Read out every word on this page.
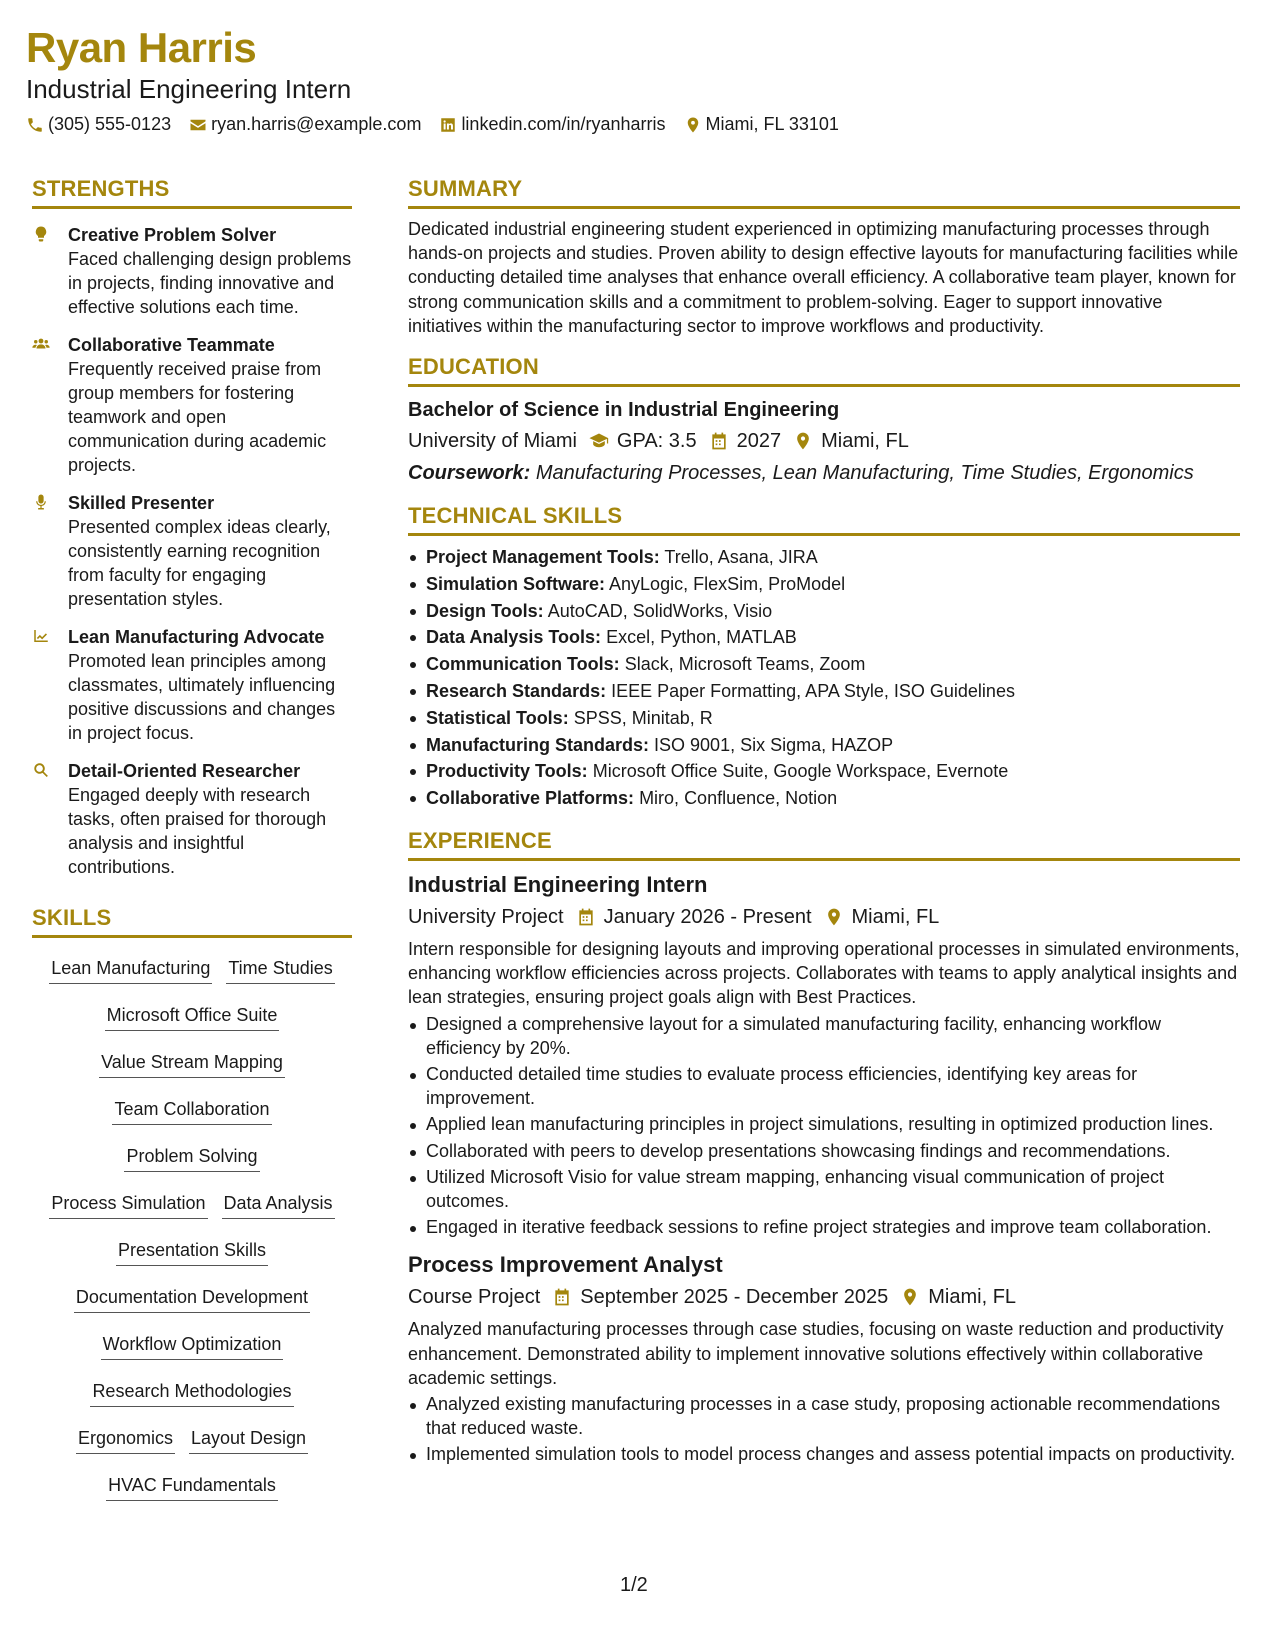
Ryan Harris
Industrial Engineering Intern
(305) 555-0123 ryan.harris@example.com linkedin.com/in/ryanharris Miami, FL 33101
STRENGTHS
Creative Problem Solver
Faced challenging design problems in projects, finding innovative and effective solutions each time.
Collaborative Teammate
Frequently received praise from group members for fostering teamwork and open communication during academic projects.
Skilled Presenter
Presented complex ideas clearly, consistently earning recognition from faculty for engaging presentation styles.
Lean Manufacturing Advocate
Promoted lean principles among classmates, ultimately influencing positive discussions and changes in project focus.
Detail-Oriented Researcher
Engaged deeply with research tasks, often praised for thorough analysis and insightful contributions.
SKILLS
Lean Manufacturing Time Studies
Microsoft Office Suite
Value Stream Mapping
Team Collaboration
Problem Solving
Process Simulation Data Analysis
Presentation Skills
Documentation Development
Workflow Optimization
Research Methodologies
Ergonomics Layout Design
HVAC Fundamentals
SUMMARY
Dedicated industrial engineering student experienced in optimizing manufacturing processes through hands-on projects and studies. Proven ability to design effective layouts for manufacturing facilities while conducting detailed time analyses that enhance overall efficiency. A collaborative team player, known for strong communication skills and a commitment to problem-solving. Eager to support innovative initiatives within the manufacturing sector to improve workflows and productivity.
EDUCATION
Bachelor of Science in Industrial Engineering
University of Miami GPA: 3.5 2027 Miami, FL
Coursework: Manufacturing Processes, Lean Manufacturing, Time Studies, Ergonomics
TECHNICAL SKILLS
Project Management Tools: Trello, Asana, JIRA
Simulation Software: AnyLogic, FlexSim, ProModel
Design Tools: AutoCAD, SolidWorks, Visio
Data Analysis Tools: Excel, Python, MATLAB
Communication Tools: Slack, Microsoft Teams, Zoom
Research Standards: IEEE Paper Formatting, APA Style, ISO Guidelines
Statistical Tools: SPSS, Minitab, R
Manufacturing Standards: ISO 9001, Six Sigma, HAZOP
Productivity Tools: Microsoft Office Suite, Google Workspace, Evernote
Collaborative Platforms: Miro, Confluence, Notion
EXPERIENCE
Industrial Engineering Intern
University Project January 2026 - Present Miami, FL
Intern responsible for designing layouts and improving operational processes in simulated environments, enhancing workflow efficiencies across projects. Collaborates with teams to apply analytical insights and lean strategies, ensuring project goals align with Best Practices.
Designed a comprehensive layout for a simulated manufacturing facility, enhancing workflow efficiency by 20%.
Conducted detailed time studies to evaluate process efficiencies, identifying key areas for improvement.
Applied lean manufacturing principles in project simulations, resulting in optimized production lines.
Collaborated with peers to develop presentations showcasing findings and recommendations.
Utilized Microsoft Visio for value stream mapping, enhancing visual communication of project outcomes.
Engaged in iterative feedback sessions to refine project strategies and improve team collaboration.
Process Improvement Analyst
Course Project September 2025 - December 2025 Miami, FL
Analyzed manufacturing processes through case studies, focusing on waste reduction and productivity enhancement. Demonstrated ability to implement innovative solutions effectively within collaborative academic settings.
Analyzed existing manufacturing processes in a case study, proposing actionable recommendations that reduced waste.
Implemented simulation tools to model process changes and assess potential impacts on productivity.
1/2
